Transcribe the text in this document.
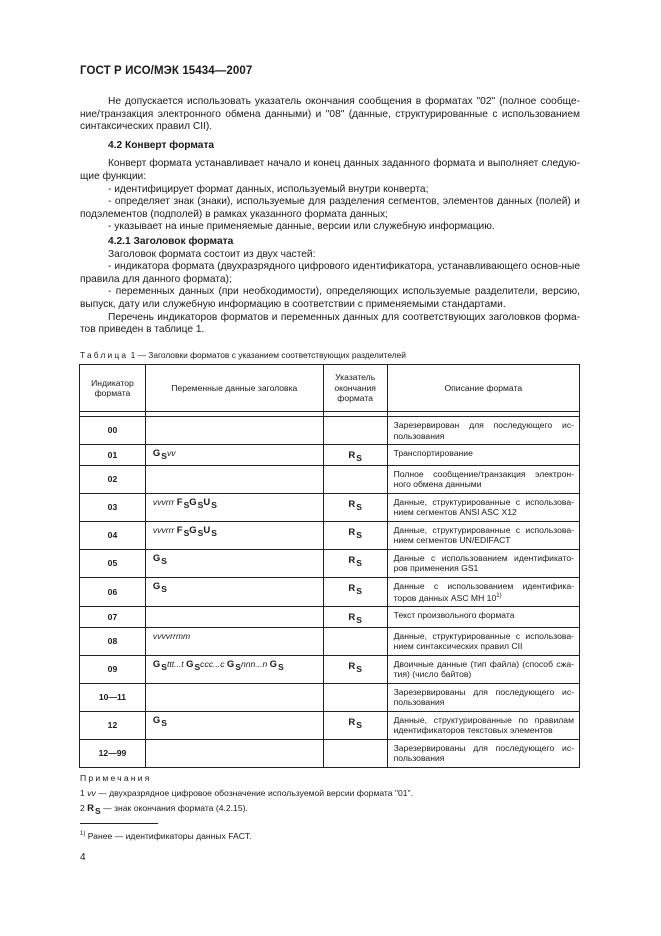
ГОСТ Р ИСО/МЭК 15434—2007

Не допускается использовать указатель окончания сообщения в форматах "02" (полное сообще-ние/транзакция электронного обмена данными) и "08" (данные, структурированные с использованием синтаксических правил CII).

4.2 Конверт формата

Конверт формата устанавливает начало и конец данных заданного формата и выполняет следую-щие функции:

- идентифицирует формат данных, используемый внутри конверта;

- определяет знак (знаки), используемые для разделения сегментов, элементов данных (полей) и подэлементов (подполей) в рамках указанного формата данных;

- указывает на иные применяемые данные, версии или служебную информацию.

4.2.1 Заголовок формата

Заголовок формата состоит из двух частей:

- индикатора формата (двухразрядного цифрового идентификатора, устанавливающего основ-ные правила для данного формата);

- переменных данных (при необходимости), определяющих используемые разделители, версию, выпуск, дату или служебную информацию в соответствии с применяемыми стандартами.

Перечень индикаторов форматов и переменных данных для соответствующих заголовков форма-тов приведен в таблице 1.

Таблица 1 — Заголовки форматов с указанием соответствующих разделителей
Индикатор формата	Переменные данные заголовка	Указатель окончания формата	Описание формата

00			Зарезервирован для последующего ис-пользования
01	GSvv	RS	Транспортирование
02			Полное сообщение/транзакция электрон-ного обмена данными
03	vvvrrr FSGSUS	RS	Данные, структурированные с использова-нием сегментов ANSI ASC X12
04	vvvrrr FSGSUS	RS	Данные, структурированные с использова-нием сегментов UN/EDIFACT
05	GS	RS	Данные с использованием идентификато-ров применения GS1
06	GS	RS	Данные с использованием идентифика-торов данных ASC MH 10$^{1)}$
07		RS	Текст произвольного формата
08	vvvvrrmm		Данные, структурированные с использова-нием синтаксических правил CII
09	GSttt...t GSccc...c GSnnn...n GS	RS	Двоичные данные (тип файла) (способ сжа-тия) (число байтов)
10—11			Зарезервированы для последующего ис-пользования
12	GS	RS	Данные, структурированные по правилам идентификаторов текстовых элементов
12—99			Зарезервированы для последующего ис-пользования
Примечания
1 vv — двухразрядное цифровое обозначение используемой версии формата "01".
2 RS — знак окончания формата (4.2.15).
$^{1)}$ Ранее — идентификаторы данных FACT.
4
